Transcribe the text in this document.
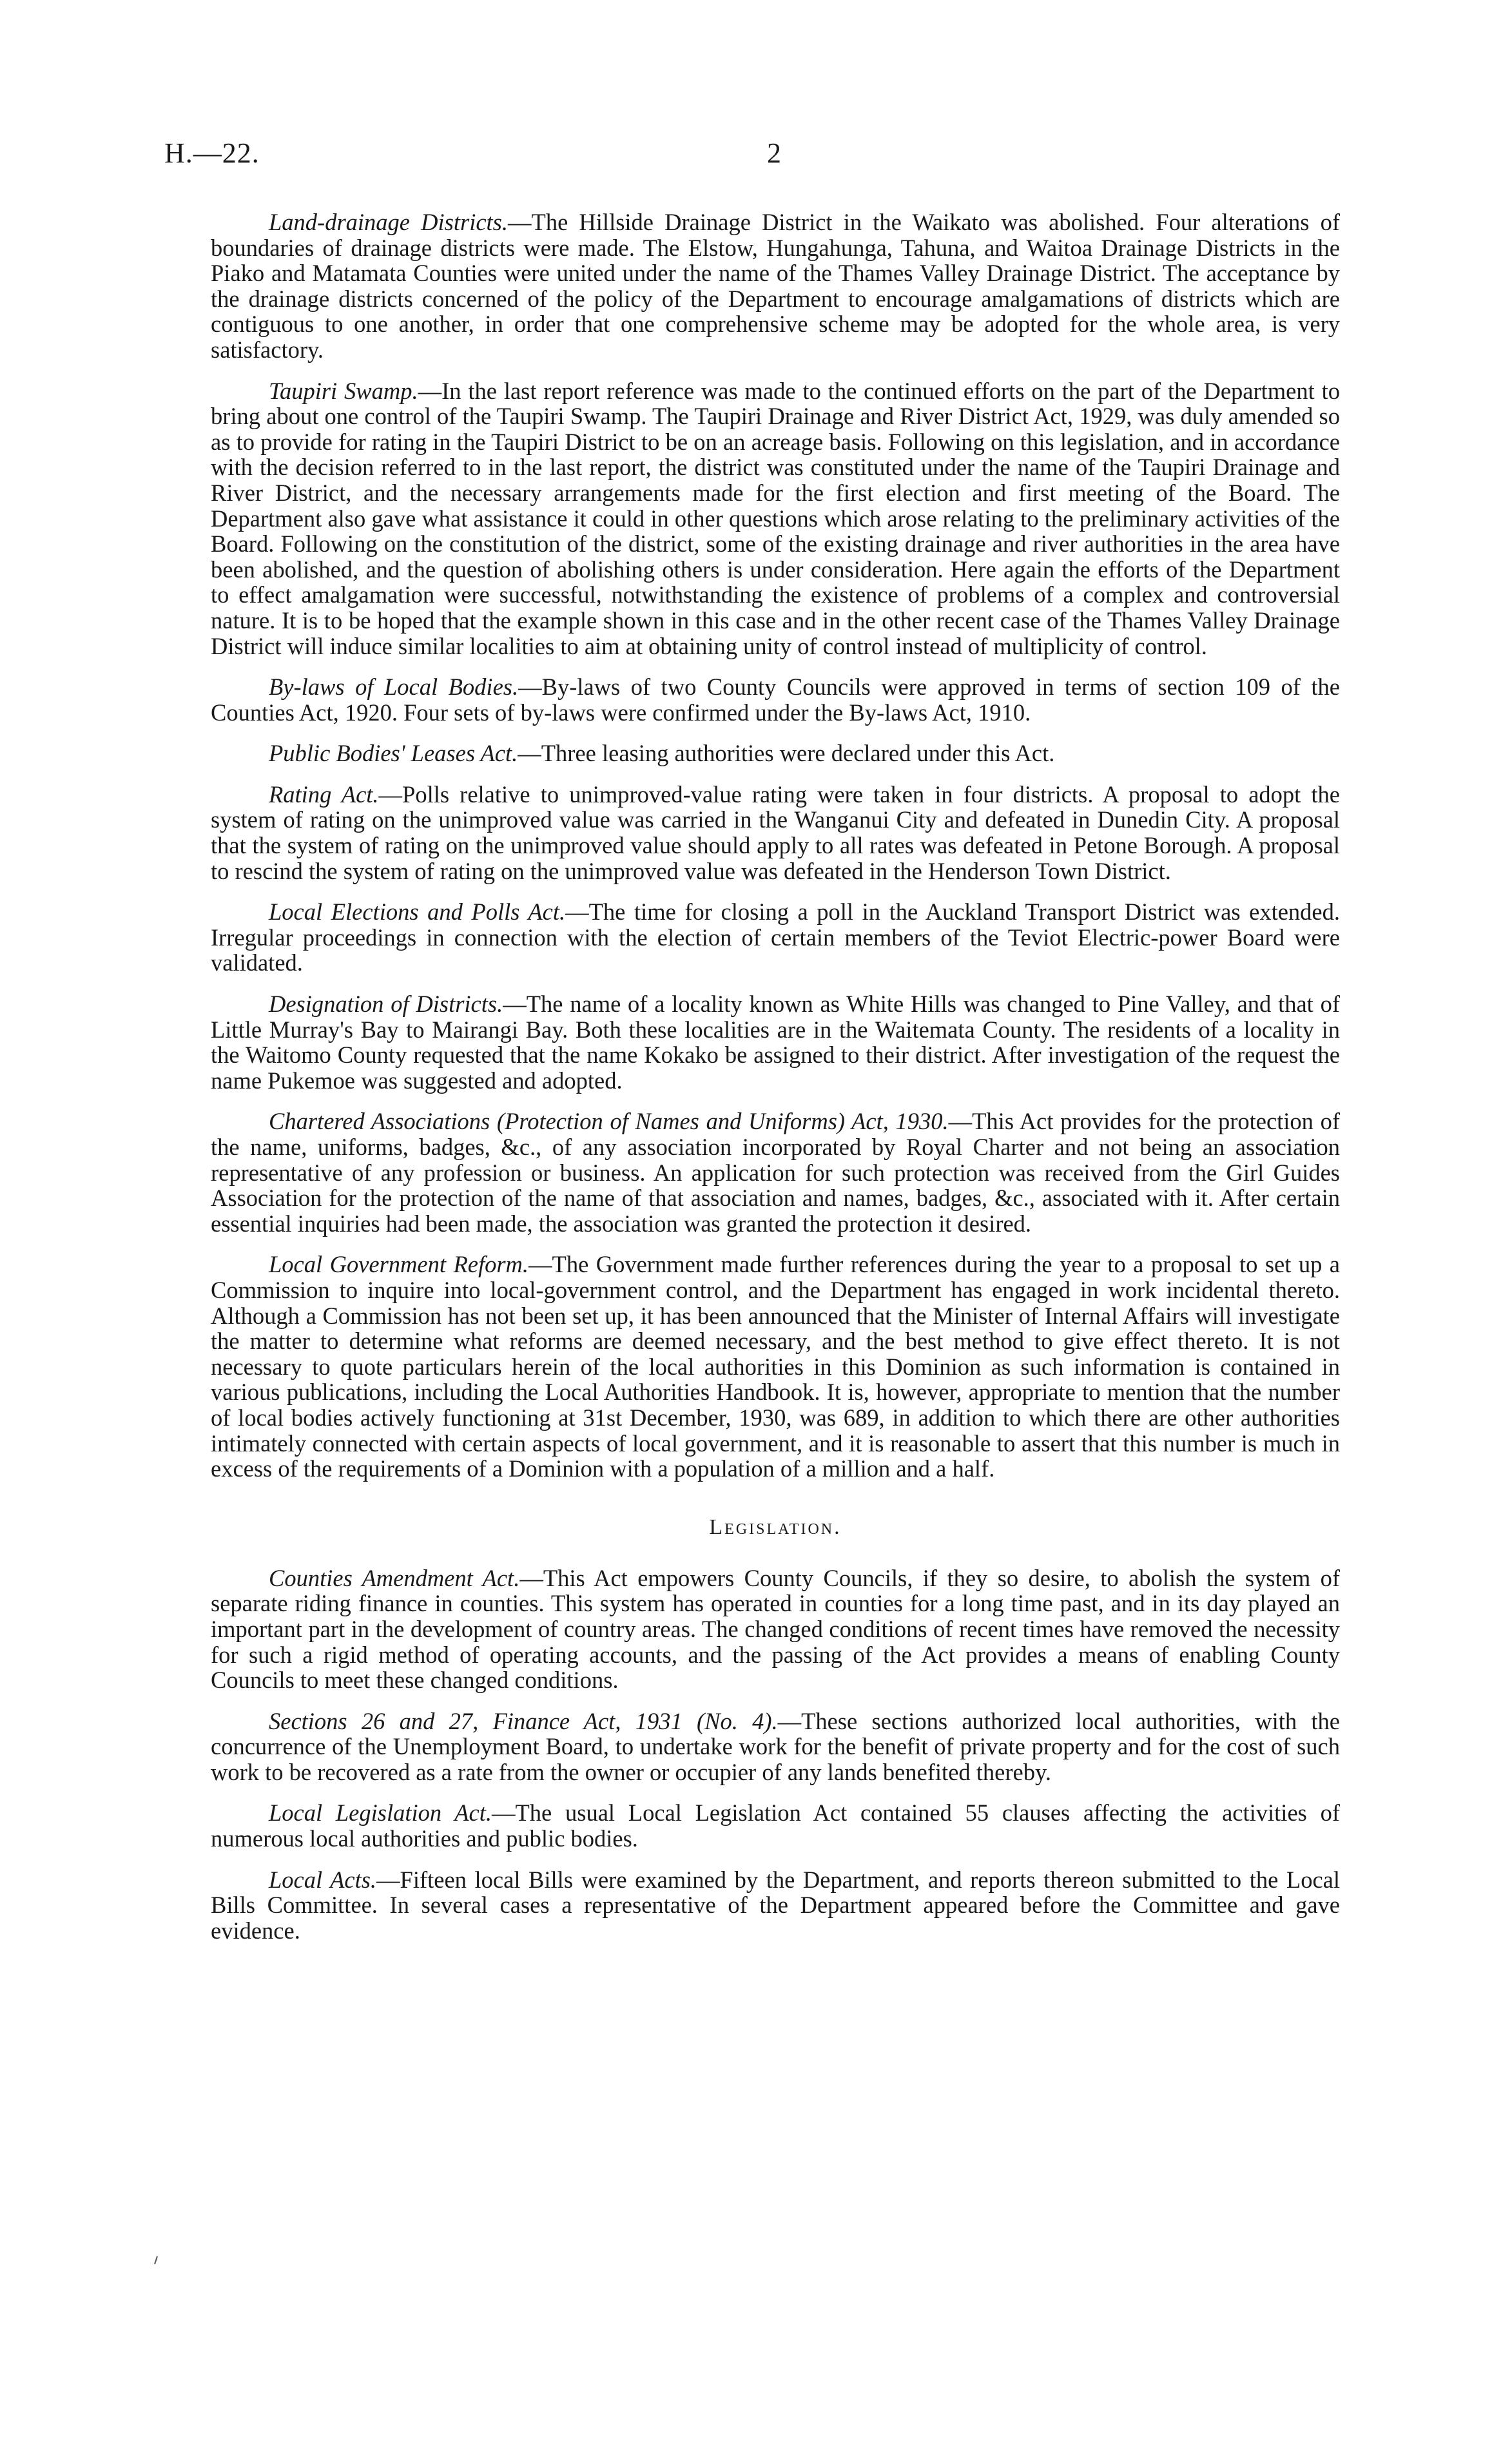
H.—22.	2

Land-drainage Districts.—The Hillside Drainage District in the Waikato was abolished. Four alterations of boundaries of drainage districts were made. The Elstow, Hungahunga, Tahuna, and Waitoa Drainage Districts in the Piako and Matamata Counties were united under the name of the Thames Valley Drainage District. The acceptance by the drainage districts concerned of the policy of the Department to encourage amalgamations of districts which are contiguous to one another, in order that one comprehensive scheme may be adopted for the whole area, is very satisfactory.

Taupiri Swamp.—In the last report reference was made to the continued efforts on the part of the Department to bring about one control of the Taupiri Swamp. The Taupiri Drainage and River District Act, 1929, was duly amended so as to provide for rating in the Taupiri District to be on an acreage basis. Following on this legislation, and in accordance with the decision referred to in the last report, the district was constituted under the name of the Taupiri Drainage and River District, and the necessary arrangements made for the first election and first meeting of the Board. The Department also gave what assistance it could in other questions which arose relating to the preliminary activities of the Board. Following on the constitution of the district, some of the existing drainage and river authorities in the area have been abolished, and the question of abolishing others is under consideration. Here again the efforts of the Department to effect amalgamation were successful, notwithstanding the existence of problems of a complex and controversial nature. It is to be hoped that the example shown in this case and in the other recent case of the Thames Valley Drainage District will induce similar localities to aim at obtaining unity of control instead of multiplicity of control.

By-laws of Local Bodies.—By-laws of two County Councils were approved in terms of section 109 of the Counties Act, 1920. Four sets of by-laws were confirmed under the By-laws Act, 1910.

Public Bodies' Leases Act.—Three leasing authorities were declared under this Act.

Rating Act.—Polls relative to unimproved-value rating were taken in four districts. A proposal to adopt the system of rating on the unimproved value was carried in the Wanganui City and defeated in Dunedin City. A proposal that the system of rating on the unimproved value should apply to all rates was defeated in Petone Borough. A proposal to rescind the system of rating on the unimproved value was defeated in the Henderson Town District.

Local Elections and Polls Act.—The time for closing a poll in the Auckland Transport District was extended. Irregular proceedings in connection with the election of certain members of the Teviot Electric-power Board were validated.

Designation of Districts.—The name of a locality known as White Hills was changed to Pine Valley, and that of Little Murray's Bay to Mairangi Bay. Both these localities are in the Waitemata County. The residents of a locality in the Waitomo County requested that the name Kokako be assigned to their district. After investigation of the request the name Pukemoe was suggested and adopted.

Chartered Associations (Protection of Names and Uniforms) Act, 1930.—This Act provides for the protection of the name, uniforms, badges, &c., of any association incorporated by Royal Charter and not being an association representative of any profession or business. An application for such protection was received from the Girl Guides Association for the protection of the name of that association and names, badges, &c., associated with it. After certain essential inquiries had been made, the association was granted the protection it desired.

Local Government Reform.—The Government made further references during the year to a proposal to set up a Commission to inquire into local-government control, and the Department has engaged in work incidental thereto. Although a Commission has not been set up, it has been announced that the Minister of Internal Affairs will investigate the matter to determine what reforms are deemed necessary, and the best method to give effect thereto. It is not necessary to quote particulars herein of the local authorities in this Dominion as such information is contained in various publications, including the Local Authorities Handbook. It is, however, appropriate to mention that the number of local bodies actively functioning at 31st December, 1930, was 689, in addition to which there are other authorities intimately connected with certain aspects of local government, and it is reasonable to assert that this number is much in excess of the requirements of a Dominion with a population of a million and a half.

Legislation.

Counties Amendment Act.—This Act empowers County Councils, if they so desire, to abolish the system of separate riding finance in counties. This system has operated in counties for a long time past, and in its day played an important part in the development of country areas. The changed conditions of recent times have removed the necessity for such a rigid method of operating accounts, and the passing of the Act provides a means of enabling County Councils to meet these changed conditions.

Sections 26 and 27, Finance Act, 1931 (No. 4).—These sections authorized local authorities, with the concurrence of the Unemployment Board, to undertake work for the benefit of private property and for the cost of such work to be recovered as a rate from the owner or occupier of any lands benefited thereby.

Local Legislation Act.—The usual Local Legislation Act contained 55 clauses affecting the activities of numerous local authorities and public bodies.

Local Acts.—Fifteen local Bills were examined by the Department, and reports thereon submitted to the Local Bills Committee. In several cases a representative of the Department appeared before the Committee and gave evidence.
